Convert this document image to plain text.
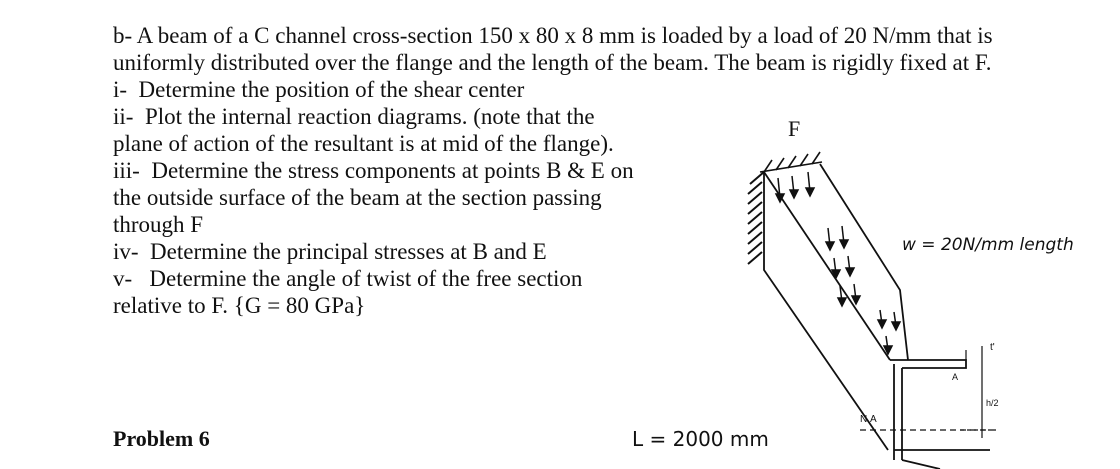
b- A beam of a C channel cross-section 150 x 80 x 8 mm is loaded by a load of 20 N/mm that is uniformly distributed over the flange and the length of the beam. The beam is rigidly fixed at F.
i-  Determine the position of the shear center
ii-  Plot the internal reaction diagrams. (note that the
plane of action of the resultant is at mid of the flange).
iii-  Determine the stress components at points B & E on
the outside surface of the beam at the section passing
through F
iv-  Determine the principal stresses at B and E
v-   Determine the angle of twist of the free section
relative to F. {G = 80 GPa}
Problem 6
F
w = 20N/mm length
A
t'
h/2
N.A
L = 2000 mm
